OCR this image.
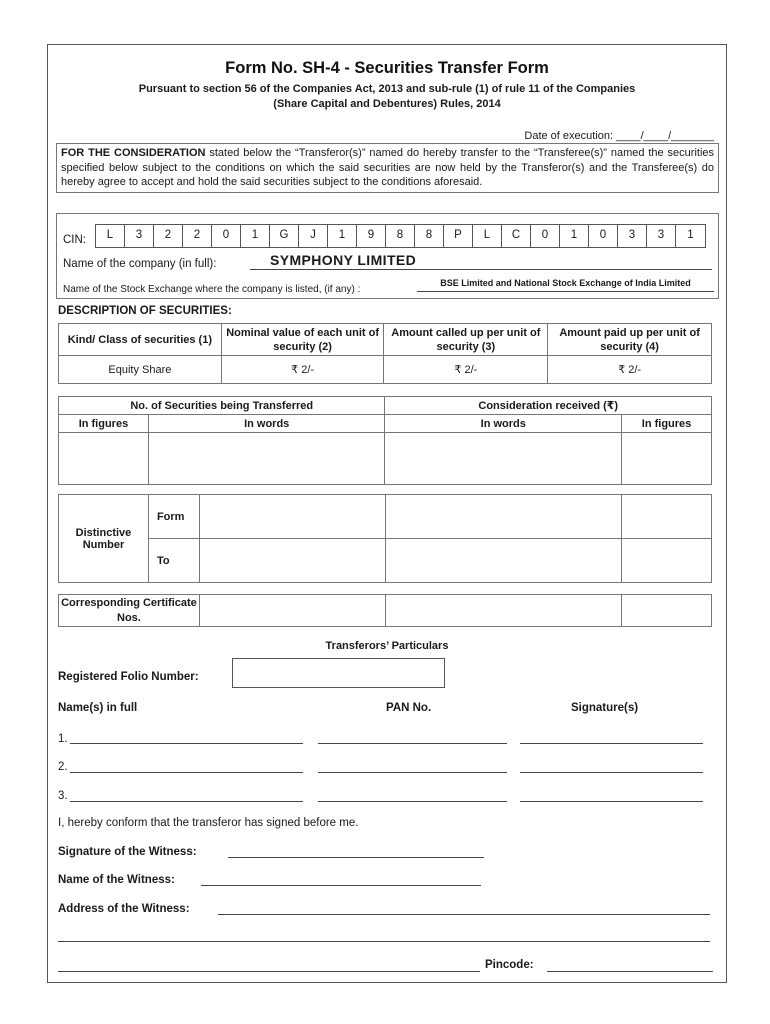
Form No. SH-4 - Securities Transfer Form
Pursuant to section 56 of the Companies Act, 2013 and sub-rule (1) of rule 11 of the Companies
(Share Capital and Debentures) Rules, 2014
Date of execution: ____/____/_______
FOR THE CONSIDERATION stated below the “Transferor(s)” named do hereby transfer to the “Transferee(s)” named the securities specified below subject to the conditions on which the said securities are now held by the Transferor(s) and the Transferee(s) do hereby agree to accept and hold the said securities subject to the conditions aforesaid.
CIN:	L	3	2	2	0	1	G	J	1	9	8	8	P	L	C	0	1	0	3	3	1
Name of the company (in full):	SYMPHONY LIMITED
Name of the Stock Exchange where the company is listed, (if any) :
BSE Limited and National Stock Exchange of India Limited
DESCRIPTION OF SECURITIES:
Kind/ Class of securities (1)	Nominal value of each unit of security (2)	Amount called up per unit of security (3)	Amount paid up per unit of security (4)
Equity Share	₹ 2/-	₹ 2/-	₹ 2/-
No. of Securities being Transferred		Consideration received (₹)	
In figures	In words	In words	In figures

Distinctive Number	Form			
	To			
Corresponding Certificate Nos.			
Transferors’ Particulars
Registered Folio Number:
Name(s) in full	PAN No.	Signature(s)
1.
2.
3.
I, hereby conform that the transferor has signed before me.
Signature of the Witness:
Name of the Witness:
Address of the Witness:
Pincode:
